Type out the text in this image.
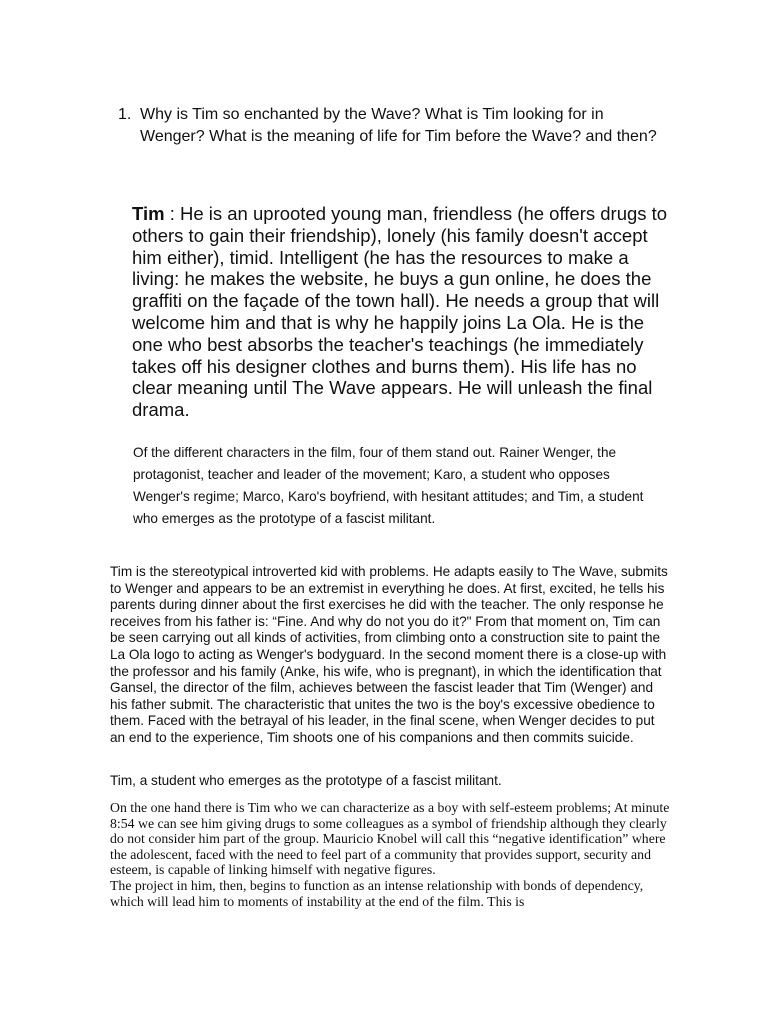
1. Why is Tim so enchanted by the Wave? What is Tim looking for in Wenger? What is the meaning of life for Tim before the Wave? and then?
Tim : He is an uprooted young man, friendless (he offers drugs to others to gain their friendship), lonely (his family doesn't accept him either), timid. Intelligent (he has the resources to make a living: he makes the website, he buys a gun online, he does the graffiti on the façade of the town hall). He needs a group that will welcome him and that is why he happily joins La Ola. He is the one who best absorbs the teacher's teachings (he immediately takes off his designer clothes and burns them). His life has no clear meaning until The Wave appears. He will unleash the final drama.
Of the different characters in the film, four of them stand out. Rainer Wenger, the protagonist, teacher and leader of the movement; Karo, a student who opposes Wenger's regime; Marco, Karo's boyfriend, with hesitant attitudes; and Tim, a student who emerges as the prototype of a fascist militant.
Tim is the stereotypical introverted kid with problems. He adapts easily to The Wave, submits to Wenger and appears to be an extremist in everything he does. At first, excited, he tells his parents during dinner about the first exercises he did with the teacher. The only response he receives from his father is: “Fine. And why do not you do it?" From that moment on, Tim can be seen carrying out all kinds of activities, from climbing onto a construction site to paint the La Ola logo to acting as Wenger's bodyguard. In the second moment there is a close-up with the professor and his family (Anke, his wife, who is pregnant), in which the identification that Gansel, the director of the film, achieves between the fascist leader that Tim (Wenger) and his father submit. The characteristic that unites the two is the boy's excessive obedience to them. Faced with the betrayal of his leader, in the final scene, when Wenger decides to put an end to the experience, Tim shoots one of his companions and then commits suicide.
Tim, a student who emerges as the prototype of a fascist militant.

On the one hand there is Tim who we can characterize as a boy with self-esteem problems; At minute 8:54 we can see him giving drugs to some colleagues as a symbol of friendship although they clearly do not consider him part of the group. Mauricio Knobel will call this “negative identification” where the adolescent, faced with the need to feel part of a community that provides support, security and esteem, is capable of linking himself with negative figures.

The project in him, then, begins to function as an intense relationship with bonds of dependency, which will lead him to moments of instability at the end of the film. This is
